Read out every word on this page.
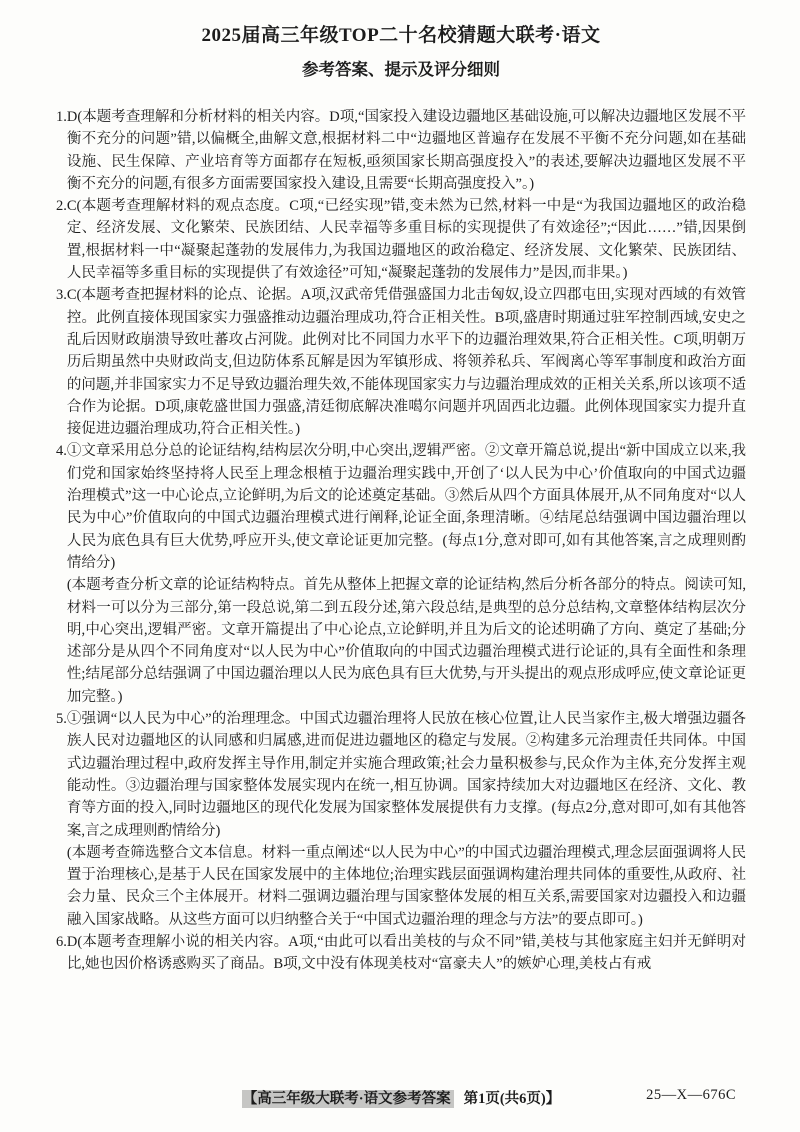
2025届高三年级TOP二十名校猜题大联考·语文
参考答案、提示及评分细则
1. D(本题考查理解和分析材料的相关内容。D项,“国家投入建设边疆地区基础设施,可以解决边疆地区发展不平衡不充分的问题”错,以偏概全,曲解文意,根据材料二中“边疆地区普遍存在发展不平衡不充分问题,如在基础设施、民生保障、产业培育等方面都存在短板,亟须国家长期高强度投入”的表述,要解决边疆地区发展不平衡不充分的问题,有很多方面需要国家投入建设,且需要“长期高强度投入”。)

2. C(本题考查理解材料的观点态度。C项,“已经实现”错,变未然为已然,材料一中是“为我国边疆地区的政治稳定、经济发展、文化繁荣、民族团结、人民幸福等多重目标的实现提供了有效途径”;“因此……”错,因果倒置,根据材料一中“凝聚起蓬勃的发展伟力,为我国边疆地区的政治稳定、经济发展、文化繁荣、民族团结、人民幸福等多重目标的实现提供了有效途径”可知,“凝聚起蓬勃的发展伟力”是因,而非果。)

3. C(本题考查把握材料的论点、论据。A项,汉武帝凭借强盛国力北击匈奴,设立四郡屯田,实现对西域的有效管控。此例直接体现国家实力强盛推动边疆治理成功,符合正相关性。B项,盛唐时期通过驻军控制西域,安史之乱后因财政崩溃导致吐蕃攻占河陇。此例对比不同国力水平下的边疆治理效果,符合正相关性。C项,明朝万历后期虽然中央财政尚支,但边防体系瓦解是因为军镇形成、将领养私兵、军阀离心等军事制度和政治方面的问题,并非国家实力不足导致边疆治理失效,不能体现国家实力与边疆治理成效的正相关关系,所以该项不适合作为论据。D项,康乾盛世国力强盛,清廷彻底解决准噶尔问题并巩固西北边疆。此例体现国家实力提升直接促进边疆治理成功,符合正相关性。)

4. ①文章采用总分总的论证结构,结构层次分明,中心突出,逻辑严密。②文章开篇总说,提出“新中国成立以来,我们党和国家始终坚持将人民至上理念根植于边疆治理实践中,开创了‘以人民为中心’价值取向的中国式边疆治理模式”这一中心论点,立论鲜明,为后文的论述奠定基础。③然后从四个方面具体展开,从不同角度对“以人民为中心”价值取向的中国式边疆治理模式进行阐释,论证全面,条理清晰。④结尾总结强调中国边疆治理以人民为底色具有巨大优势,呼应开头,使文章论证更加完整。(每点1分,意对即可,如有其他答案,言之成理则酌情给分)

(本题考查分析文章的论证结构特点。首先从整体上把握文章的论证结构,然后分析各部分的特点。阅读可知,材料一可以分为三部分,第一段总说,第二到五段分述,第六段总结,是典型的总分总结构,文章整体结构层次分明,中心突出,逻辑严密。文章开篇提出了中心论点,立论鲜明,并且为后文的论述明确了方向、奠定了基础;分述部分是从四个不同角度对“以人民为中心”价值取向的中国式边疆治理模式进行论证的,具有全面性和条理性;结尾部分总结强调了中国边疆治理以人民为底色具有巨大优势,与开头提出的观点形成呼应,使文章论证更加完整。)

5. ①强调“以人民为中心”的治理理念。中国式边疆治理将人民放在核心位置,让人民当家作主,极大增强边疆各族人民对边疆地区的认同感和归属感,进而促进边疆地区的稳定与发展。②构建多元治理责任共同体。中国式边疆治理过程中,政府发挥主导作用,制定并实施合理政策;社会力量积极参与,民众作为主体,充分发挥主观能动性。③边疆治理与国家整体发展实现内在统一,相互协调。国家持续加大对边疆地区在经济、文化、教育等方面的投入,同时边疆地区的现代化发展为国家整体发展提供有力支撑。(每点2分,意对即可,如有其他答案,言之成理则酌情给分)

(本题考查筛选整合文本信息。材料一重点阐述“以人民为中心”的中国式边疆治理模式,理念层面强调将人民置于治理核心,是基于人民在国家发展中的主体地位;治理实践层面强调构建治理共同体的重要性,从政府、社会力量、民众三个主体展开。材料二强调边疆治理与国家整体发展的相互关系,需要国家对边疆投入和边疆融入国家战略。从这些方面可以归纳整合关于“中国式边疆治理的理念与方法”的要点即可。)

6. D(本题考查理解小说的相关内容。A项,“由此可以看出美枝的与众不同”错,美枝与其他家庭主妇并无鲜明对比,她也因价格诱惑购买了商品。B项,文中没有体现美枝对“富豪夫人”的嫉妒心理,美枝占有戒

【高三年级大联考·语文参考答案 第1页(共6页)】	25—X—676C
